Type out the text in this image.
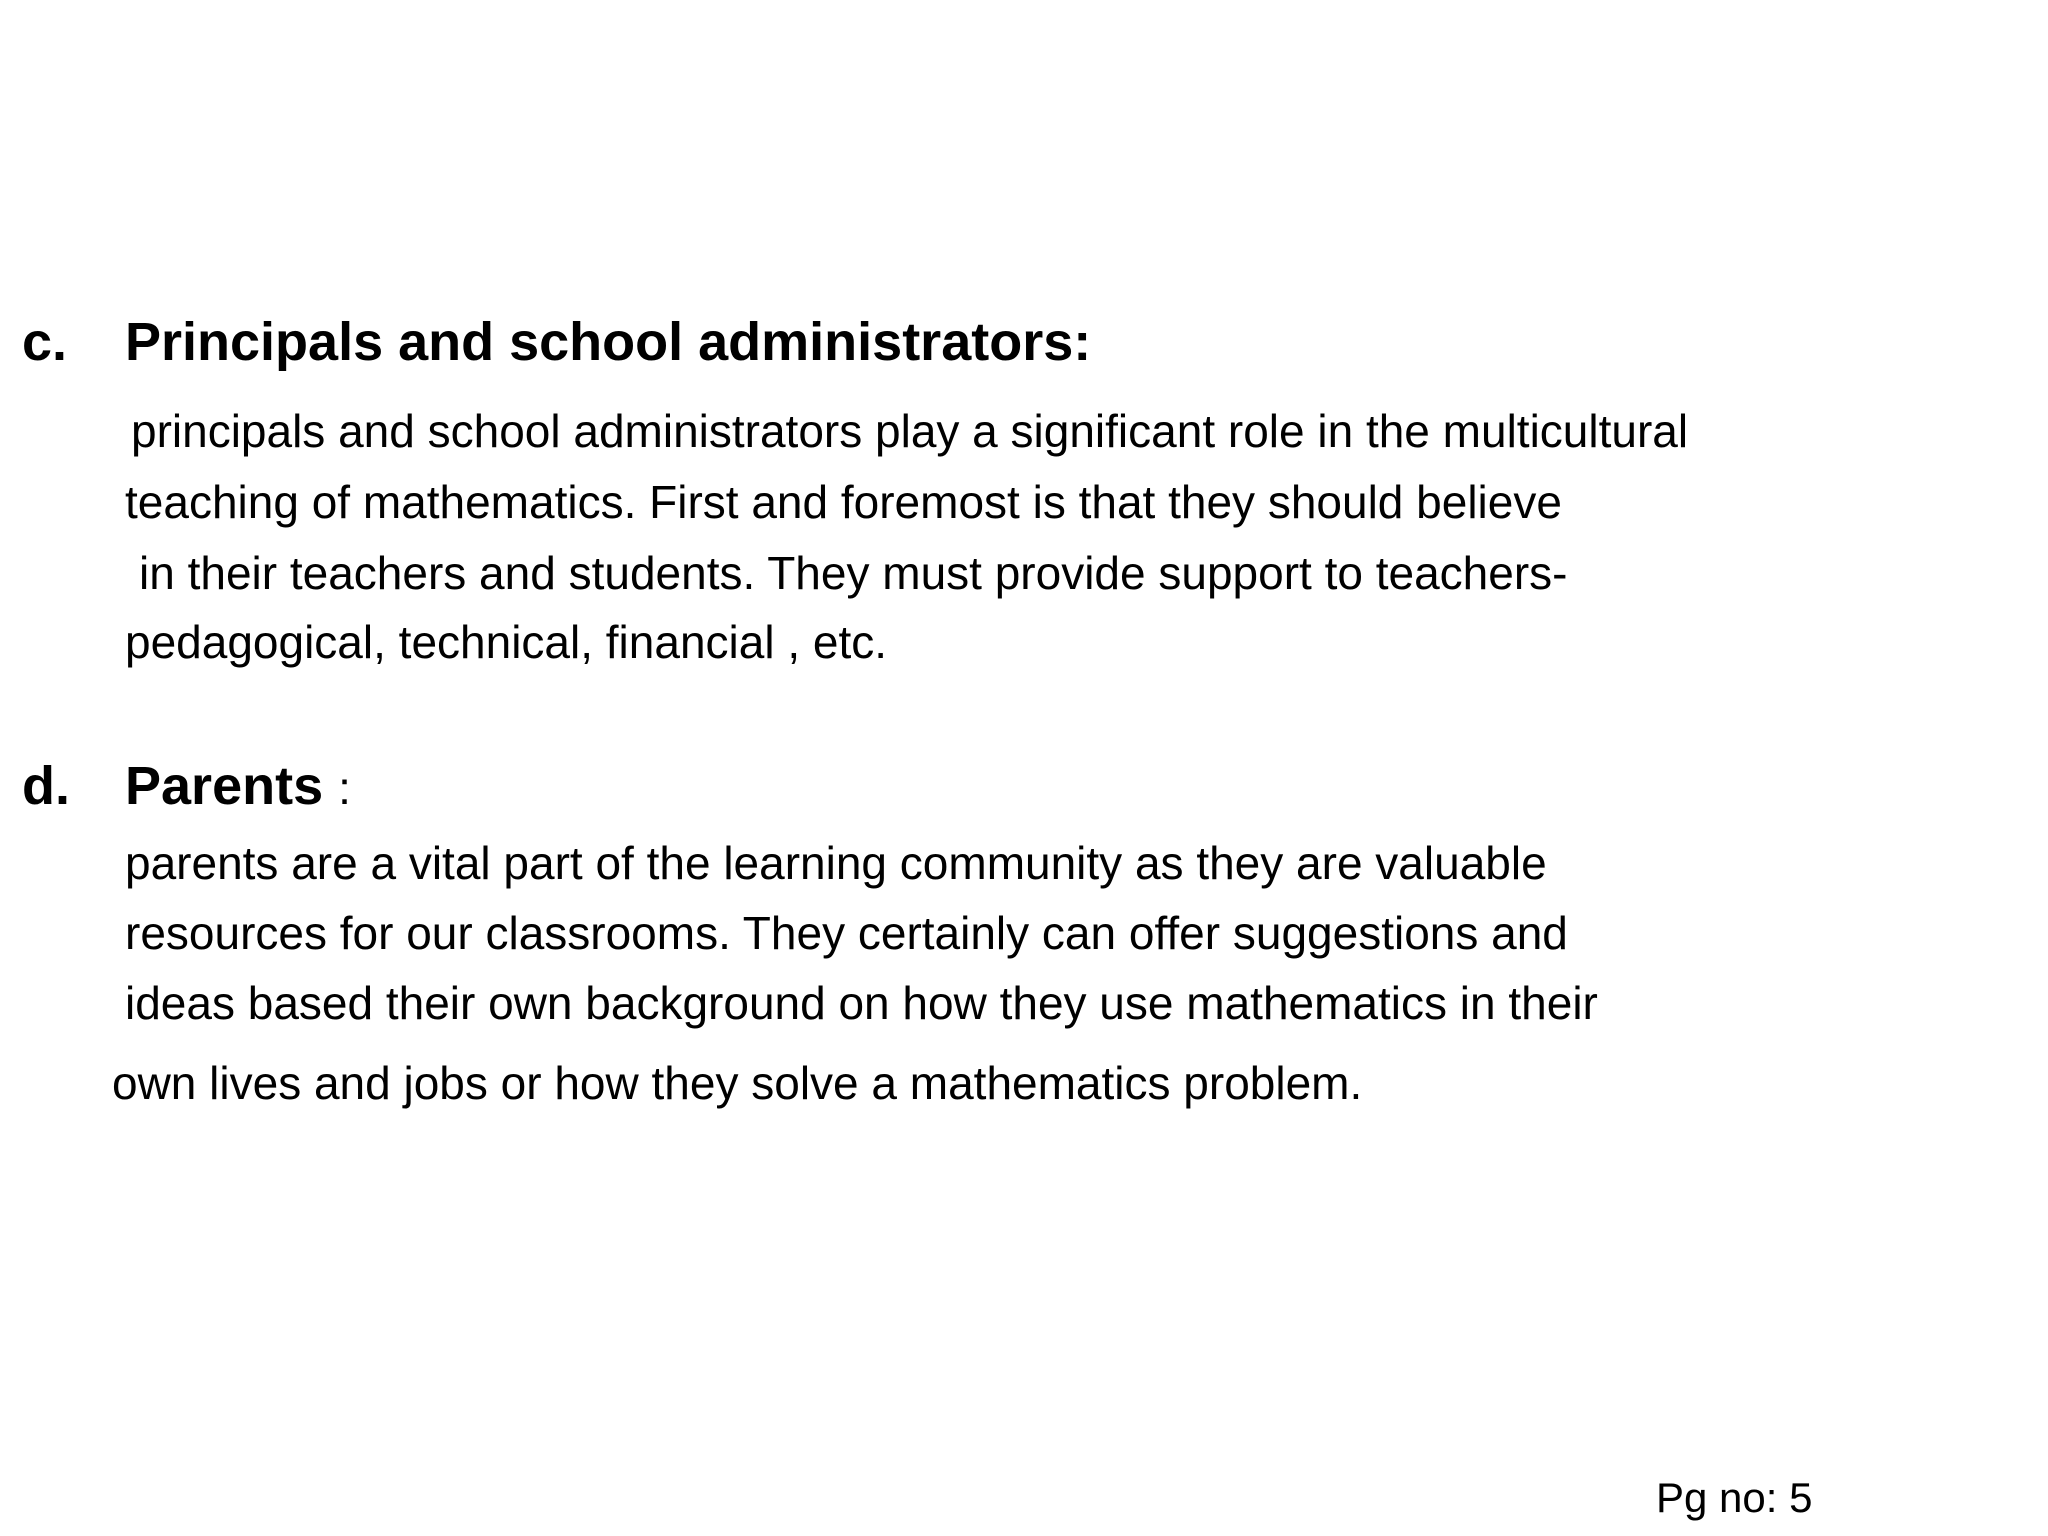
c. Principals and school administrators:
principals and school administrators play a significant role in the multicultural
teaching of mathematics. First and foremost is that they should believe
in their teachers and students. They must provide support to teachers-
pedagogical, technical, financial , etc.
d. Parents :
parents are a vital part of the learning community as they are valuable
resources for our classrooms. They certainly can offer suggestions and
ideas based their own background on how they use mathematics in their
own lives and jobs or how they solve a mathematics problem.
Pg no: 5
